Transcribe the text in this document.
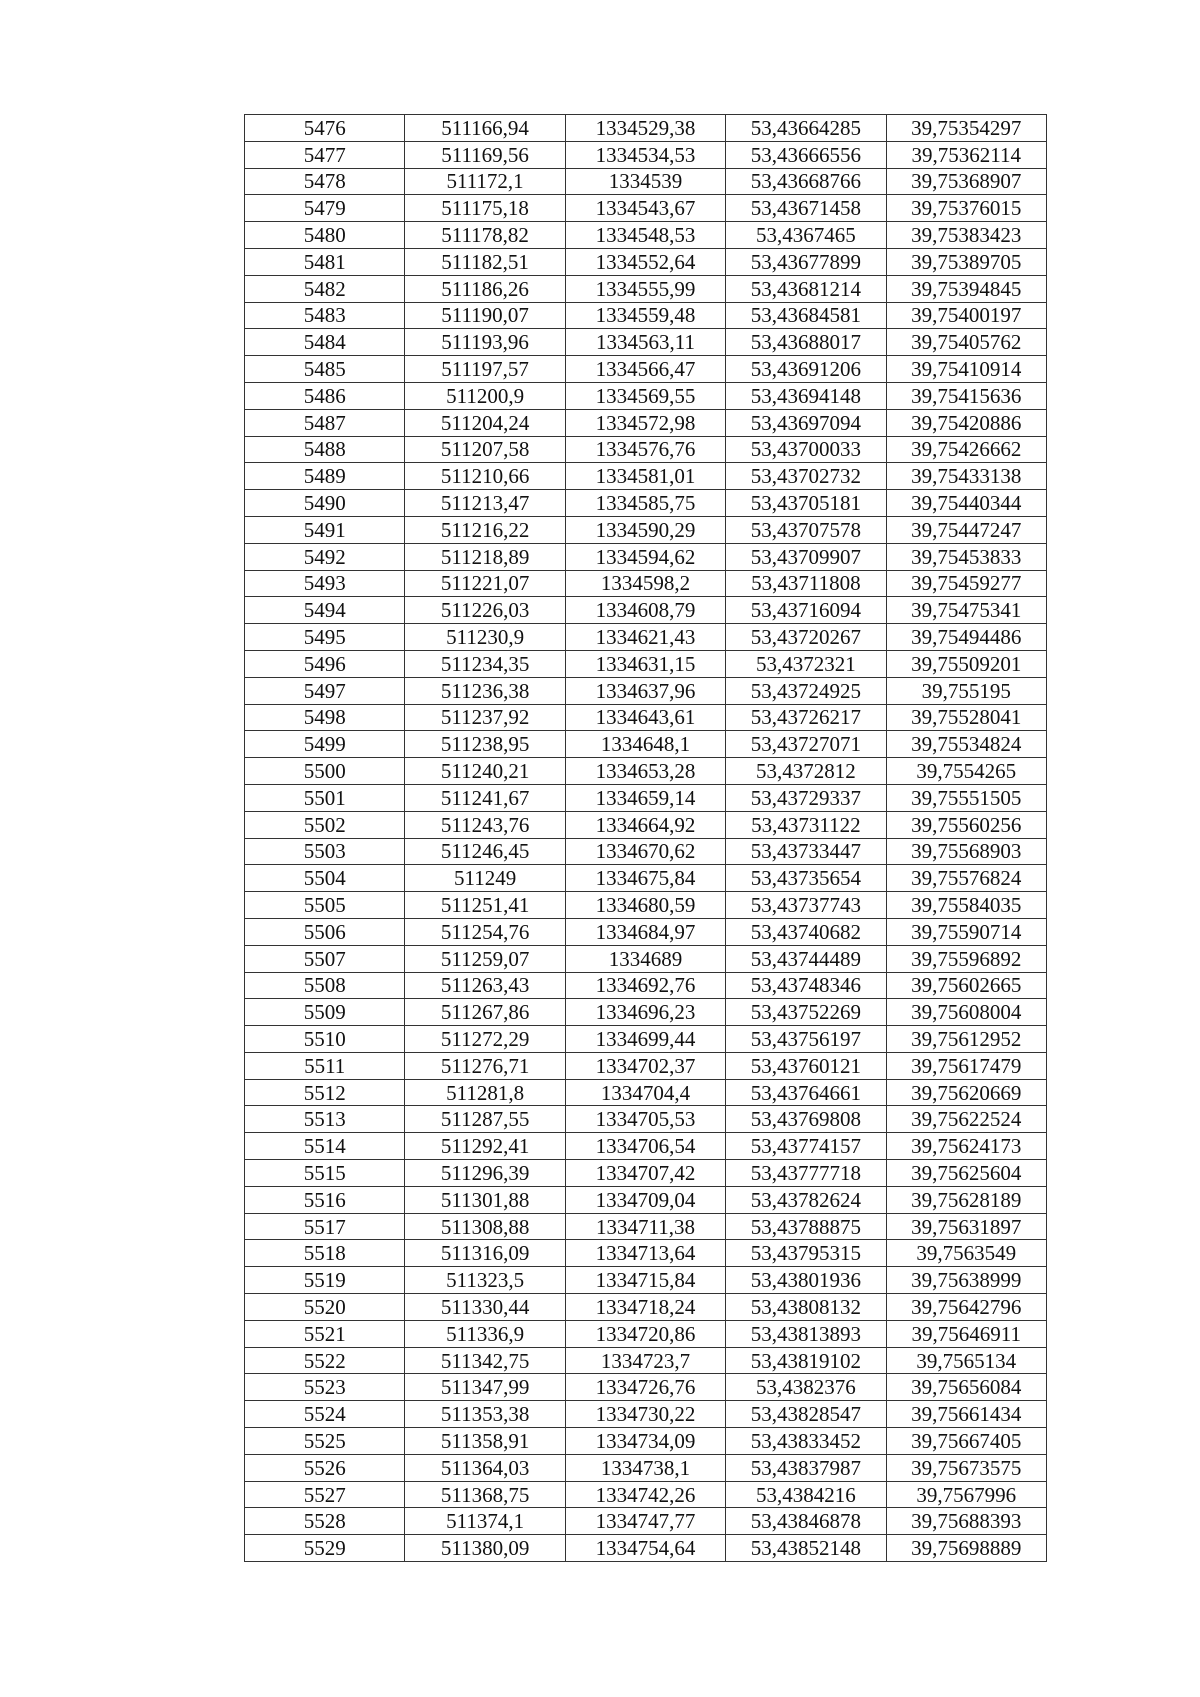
5476	511166,94	1334529,38	53,43664285	39,75354297
5477	511169,56	1334534,53	53,43666556	39,75362114
5478	511172,1	1334539	53,43668766	39,75368907
5479	511175,18	1334543,67	53,43671458	39,75376015
5480	511178,82	1334548,53	53,4367465	39,75383423
5481	511182,51	1334552,64	53,43677899	39,75389705
5482	511186,26	1334555,99	53,43681214	39,75394845
5483	511190,07	1334559,48	53,43684581	39,75400197
5484	511193,96	1334563,11	53,43688017	39,75405762
5485	511197,57	1334566,47	53,43691206	39,75410914
5486	511200,9	1334569,55	53,43694148	39,75415636
5487	511204,24	1334572,98	53,43697094	39,75420886
5488	511207,58	1334576,76	53,43700033	39,75426662
5489	511210,66	1334581,01	53,43702732	39,75433138
5490	511213,47	1334585,75	53,43705181	39,75440344
5491	511216,22	1334590,29	53,43707578	39,75447247
5492	511218,89	1334594,62	53,43709907	39,75453833
5493	511221,07	1334598,2	53,43711808	39,75459277
5494	511226,03	1334608,79	53,43716094	39,75475341
5495	511230,9	1334621,43	53,43720267	39,75494486
5496	511234,35	1334631,15	53,4372321	39,75509201
5497	511236,38	1334637,96	53,43724925	39,755195
5498	511237,92	1334643,61	53,43726217	39,75528041
5499	511238,95	1334648,1	53,43727071	39,75534824
5500	511240,21	1334653,28	53,4372812	39,7554265
5501	511241,67	1334659,14	53,43729337	39,75551505
5502	511243,76	1334664,92	53,43731122	39,75560256
5503	511246,45	1334670,62	53,43733447	39,75568903
5504	511249	1334675,84	53,43735654	39,75576824
5505	511251,41	1334680,59	53,43737743	39,75584035
5506	511254,76	1334684,97	53,43740682	39,75590714
5507	511259,07	1334689	53,43744489	39,75596892
5508	511263,43	1334692,76	53,43748346	39,75602665
5509	511267,86	1334696,23	53,43752269	39,75608004
5510	511272,29	1334699,44	53,43756197	39,75612952
5511	511276,71	1334702,37	53,43760121	39,75617479
5512	511281,8	1334704,4	53,43764661	39,75620669
5513	511287,55	1334705,53	53,43769808	39,75622524
5514	511292,41	1334706,54	53,43774157	39,75624173
5515	511296,39	1334707,42	53,43777718	39,75625604
5516	511301,88	1334709,04	53,43782624	39,75628189
5517	511308,88	1334711,38	53,43788875	39,75631897
5518	511316,09	1334713,64	53,43795315	39,7563549
5519	511323,5	1334715,84	53,43801936	39,75638999
5520	511330,44	1334718,24	53,43808132	39,75642796
5521	511336,9	1334720,86	53,43813893	39,75646911
5522	511342,75	1334723,7	53,43819102	39,7565134
5523	511347,99	1334726,76	53,4382376	39,75656084
5524	511353,38	1334730,22	53,43828547	39,75661434
5525	511358,91	1334734,09	53,43833452	39,75667405
5526	511364,03	1334738,1	53,43837987	39,75673575
5527	511368,75	1334742,26	53,4384216	39,7567996
5528	511374,1	1334747,77	53,43846878	39,75688393
5529	511380,09	1334754,64	53,43852148	39,75698889
